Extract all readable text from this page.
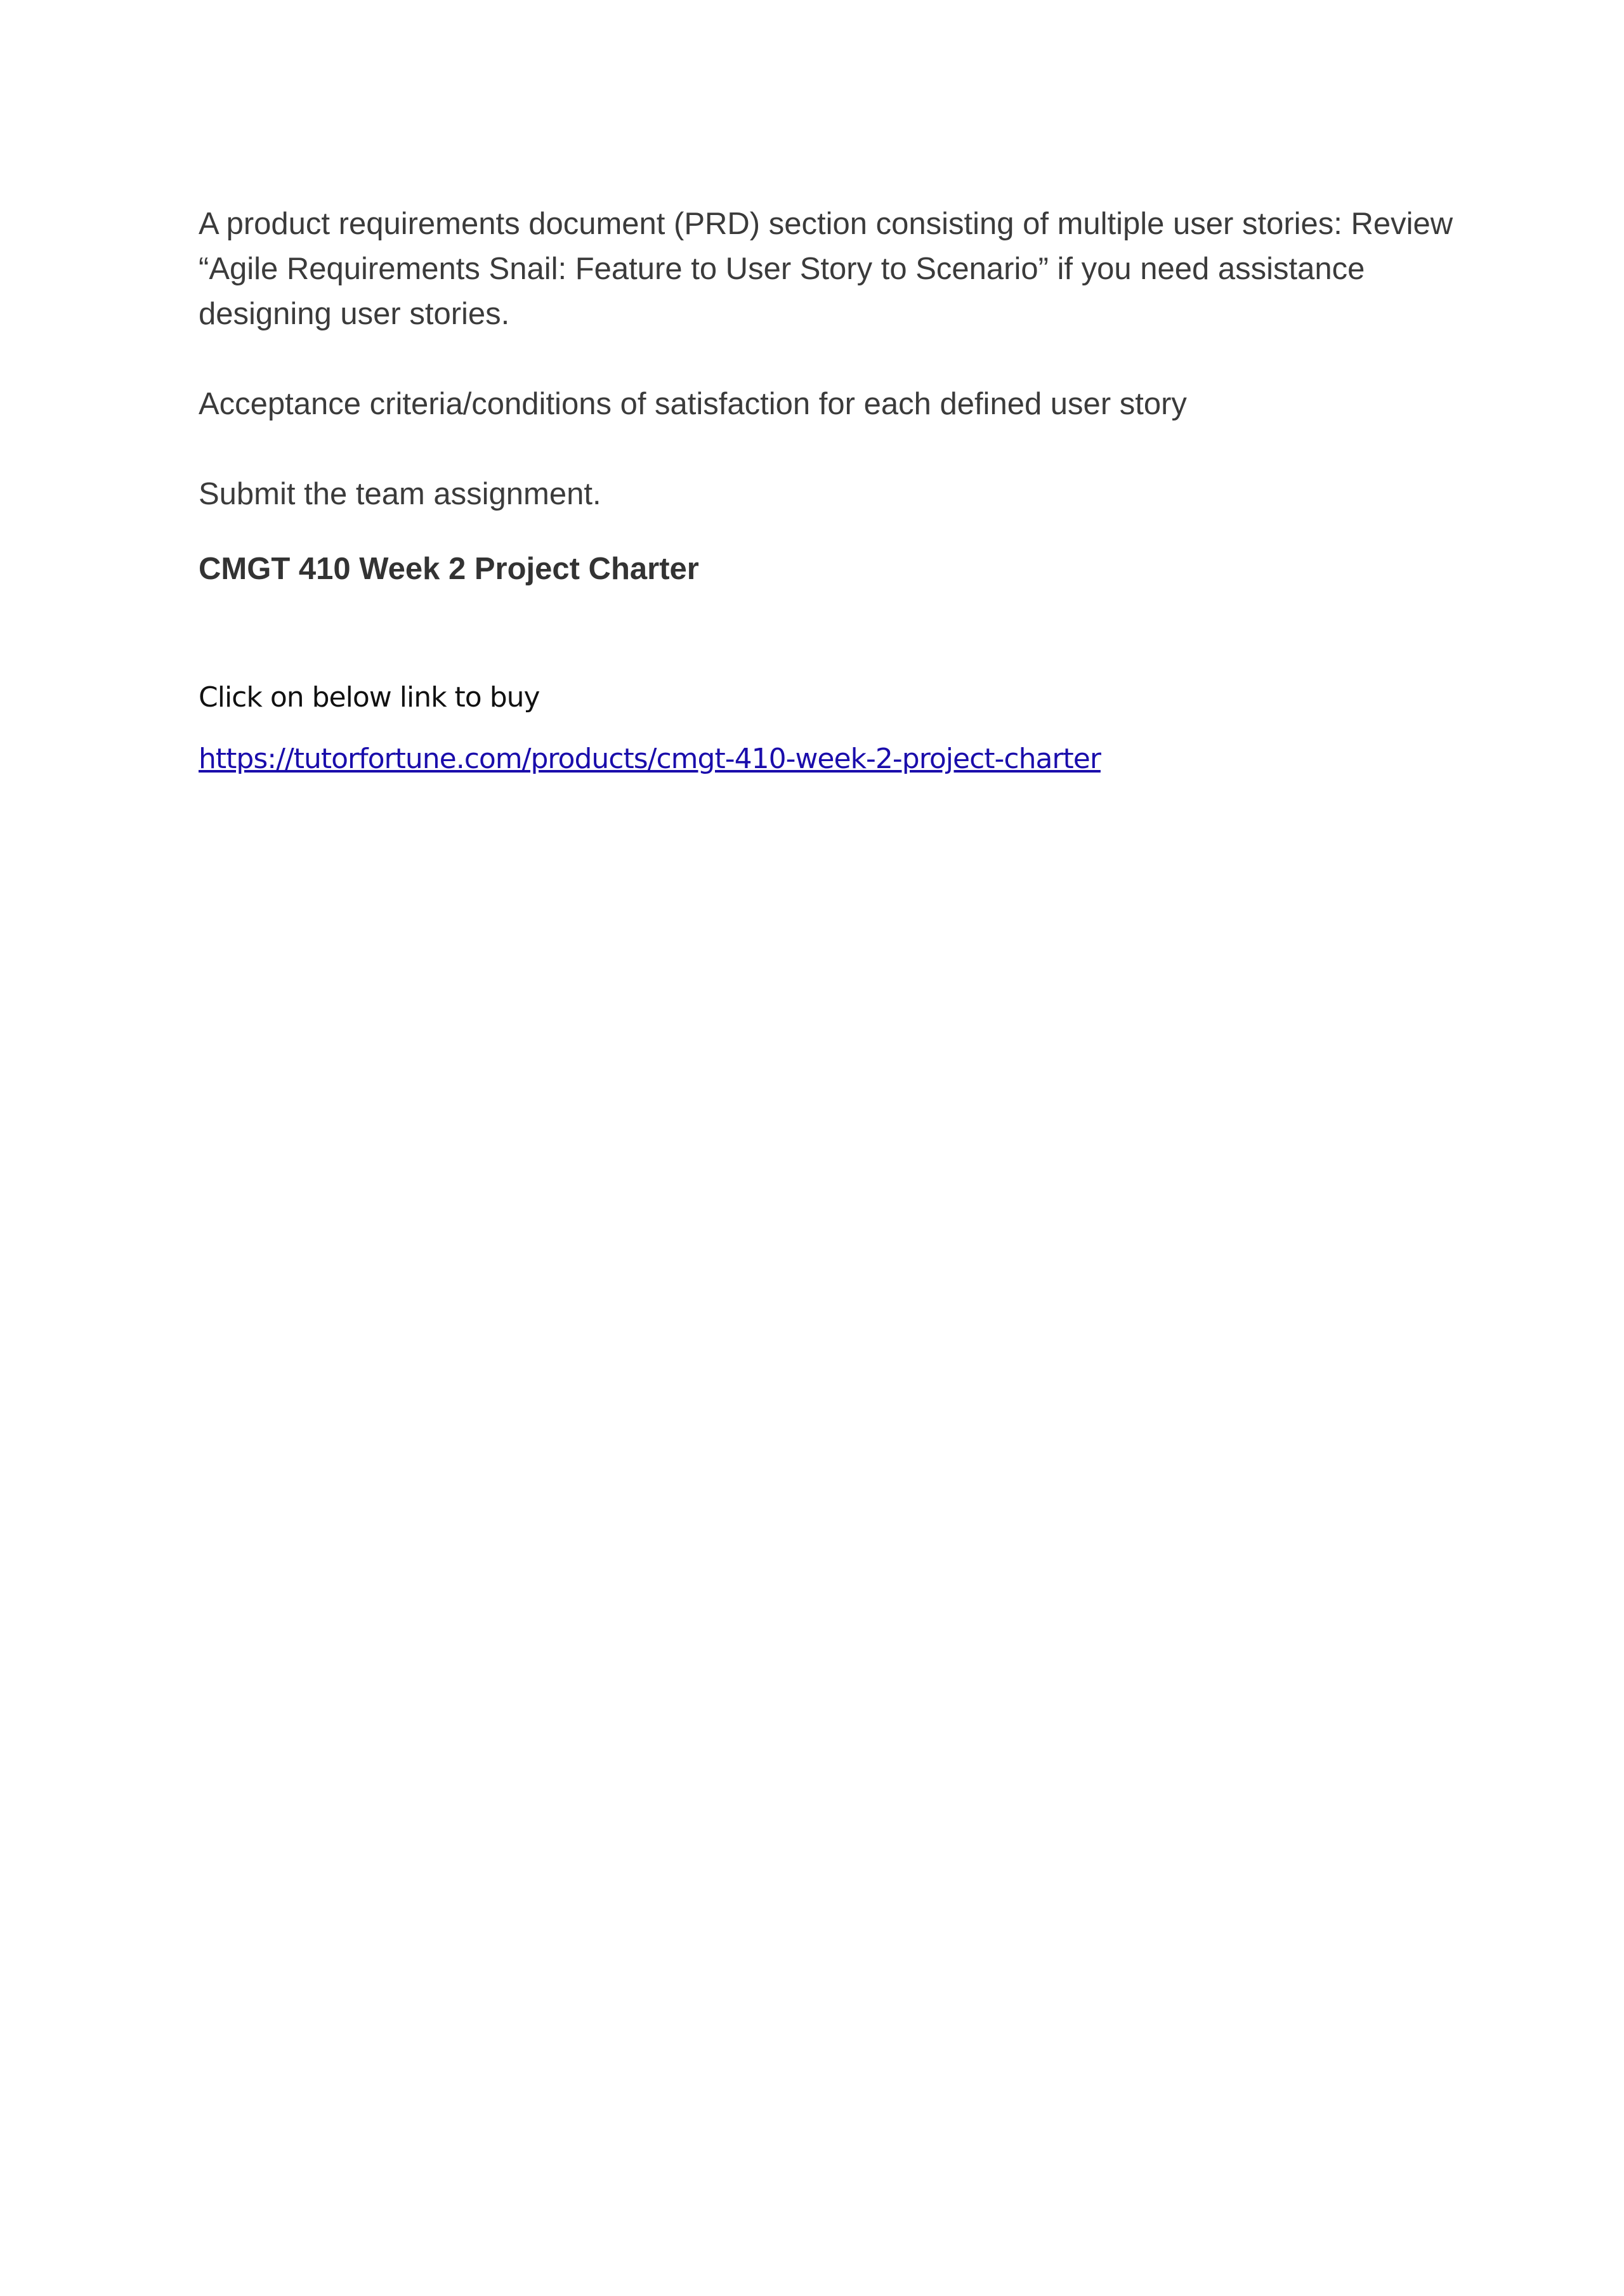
A product requirements document (PRD) section consisting of multiple user stories: Review “Agile Requirements Snail: Feature to User Story to Scenario” if you need assistance designing user stories.

Acceptance criteria/conditions of satisfaction for each defined user story

Submit the team assignment.

CMGT 410 Week 2 Project Charter

Click on below link to buy

https://tutorfortune.com/products/cmgt-410-week-2-project-charter
